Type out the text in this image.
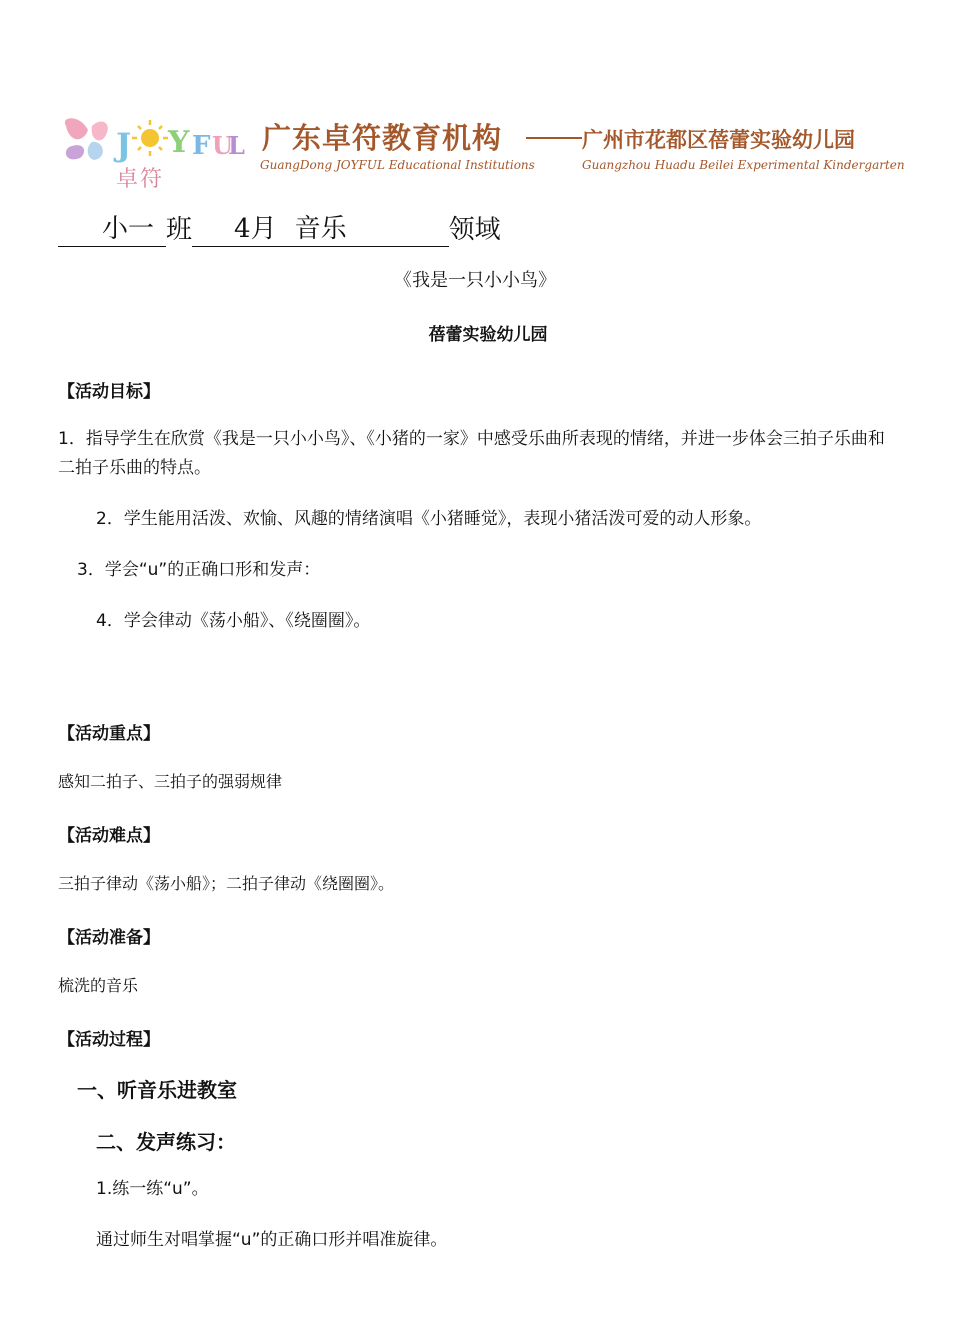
J Y F U
L
卓符
广东卓符教育机构	广州市花都区蓓蕾实验幼儿园
GuangDong JOYFUL Educational Institutions	Guangzhou Huadu Beilei Experimental Kindergarten
小一 班 4月 音乐	领域
《我是一只小小鸟》
蓓蕾实验幼儿园
【活动目标】
1．指导学生在欣赏《我是一只小小鸟》、《小猪的一家》中感受乐曲所表现的情绪，并进一步体会三拍子乐曲和二拍子乐曲的特点。
2．学生能用活泼、欢愉、风趣的情绪演唱《小猪睡觉》，表现小猪活泼可爱的动人形象。
3．学会“u”的正确口形和发声：
4．学会律动《荡小船》、《绕圈圈》。
【活动重点】
感知二拍子、三拍子的强弱规律
【活动难点】
三拍子律动《荡小船》；二拍子律动《绕圈圈》。
【活动准备】
梳洗的音乐
【活动过程】
一、听音乐进教室
二、发声练习：
1.练一练“u”。
通过师生对唱掌握“u”的正确口形并唱准旋律。
